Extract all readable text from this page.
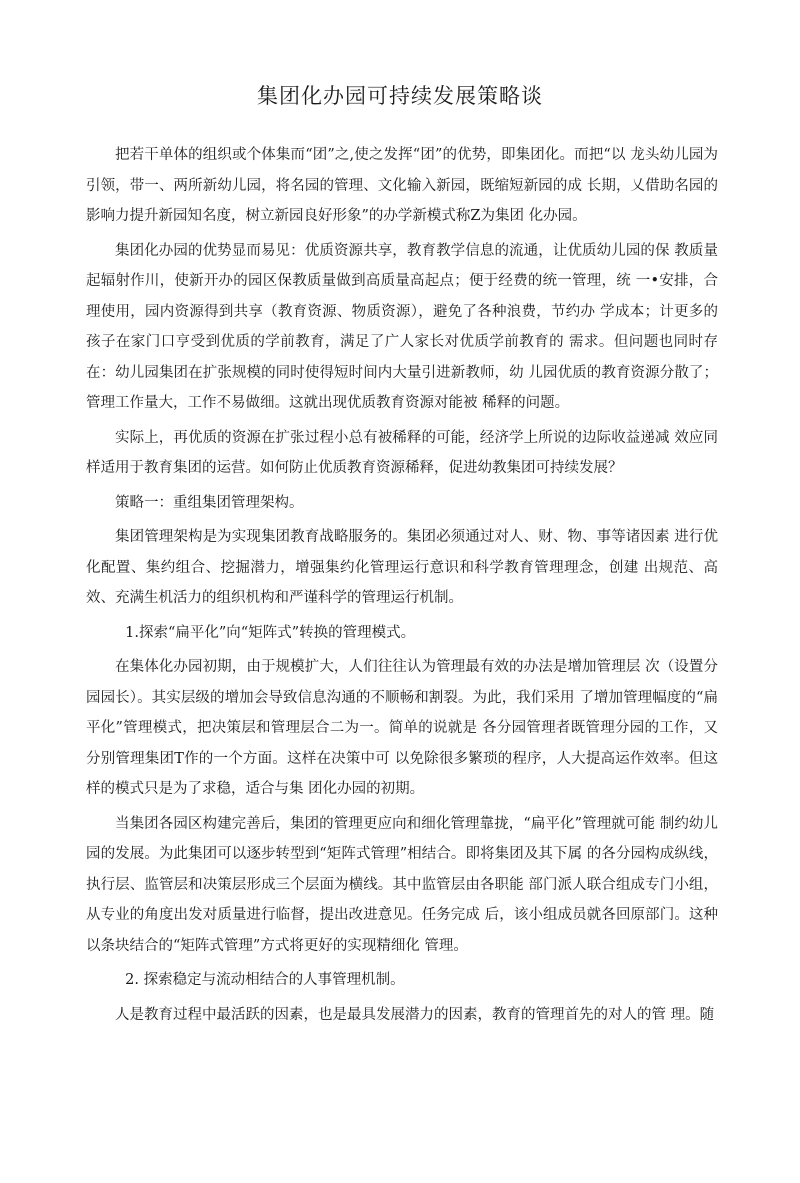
集团化办园可持续发展策略谈

把若干单体的组织或个体集而“团”之,使之发挥“团”的优势，即集团化。而把“以 龙头幼儿园为引领，带一、两所新幼儿园，将名园的管理、文化输入新园，既缩短新园的成 长期，乂借助名园的影响力提升新园知名度，树立新园良好形象”的办学新模式称Z为集团 化办园。

集团化办园的优势显而易见：优质资源共享，教育教学信息的流通，让优质幼儿园的保 教质量起辐射作川，使新开办的园区保教质量做到高质量高起点；便于经费的统一管理，统 一•安排，合理使用，园内资源得到共享（教育资源、物质资源），避免了各种浪费，节约办 学成本；计更多的孩子在家门口亨受到优质的学前教育，满足了广人家长对优质学前教育的 需求。但问题也同时存在：幼儿园集团在扩张规模的同时使得短时间内大量引进新教师，幼 儿园优质的教育资源分散了；管理工作量大，工作不易做细。这就出现优质教育资源对能被 稀释的问题。

实际上，再优质的资源在扩张过程小总有被稀释的可能，经济学上所说的边际收益递减 效应同样适用于教育集团的运营。如何防止优质教育资源稀释，促进幼教集团可持续发展？

策略一：重组集团管理架构。

集团管理架构是为实现集团教育战略服务的。集团必须通过对人、财、物、事等诸因素 进行优化配置、集约组合、挖掘潜力，增强集约化管理运行意识和科学教育管理理念，创建 出规范、高效、充满生机活力的组织机构和严谨科学的管理运行机制。

1.探索“扁平化”向“矩阵式”转换的管理模式。

在集体化办园初期，由于规模扩大，人们往往认为管理最有效的办法是增加管理层 次（设置分园园长）。其实层级的增加会导致信息沟通的不顺畅和割裂。为此，我们采用 了增加管理幅度的“扁平化”管理模式，把决策层和管理层合二为一。简单的说就是 各分园管理者既管理分园的工作，又分别管理集团T作的一个方面。这样在决策中可 以免除很多繁琐的程序，人大提高运作效率。但这样的模式只是为了求稳，适合与集 团化办园的初期。

当集团各园区构建完善后，集团的管理更应向和细化管理靠拢，“扁平化”管理就可能 制约幼儿园的发展。为此集团可以逐步转型到“矩阵式管理”相结合。即将集团及其下属 的各分园构成纵线，执行层、监管层和决策层形成三个层面为横线。其中监管层由各职能 部门派人联合组成专门小组，从专业的角度出发对质量进行临督，提出改进意见。任务完成 后，该小组成员就各回原部门。这种以条块结合的“矩阵式管理”方式将更好的实现精细化 管理。

2. 探索稳定与流动相结合的人事管理机制。

人是教育过程中最活跃的因素，也是最具发展潜力的因素，教育的管理首先的对人的管 理。随
